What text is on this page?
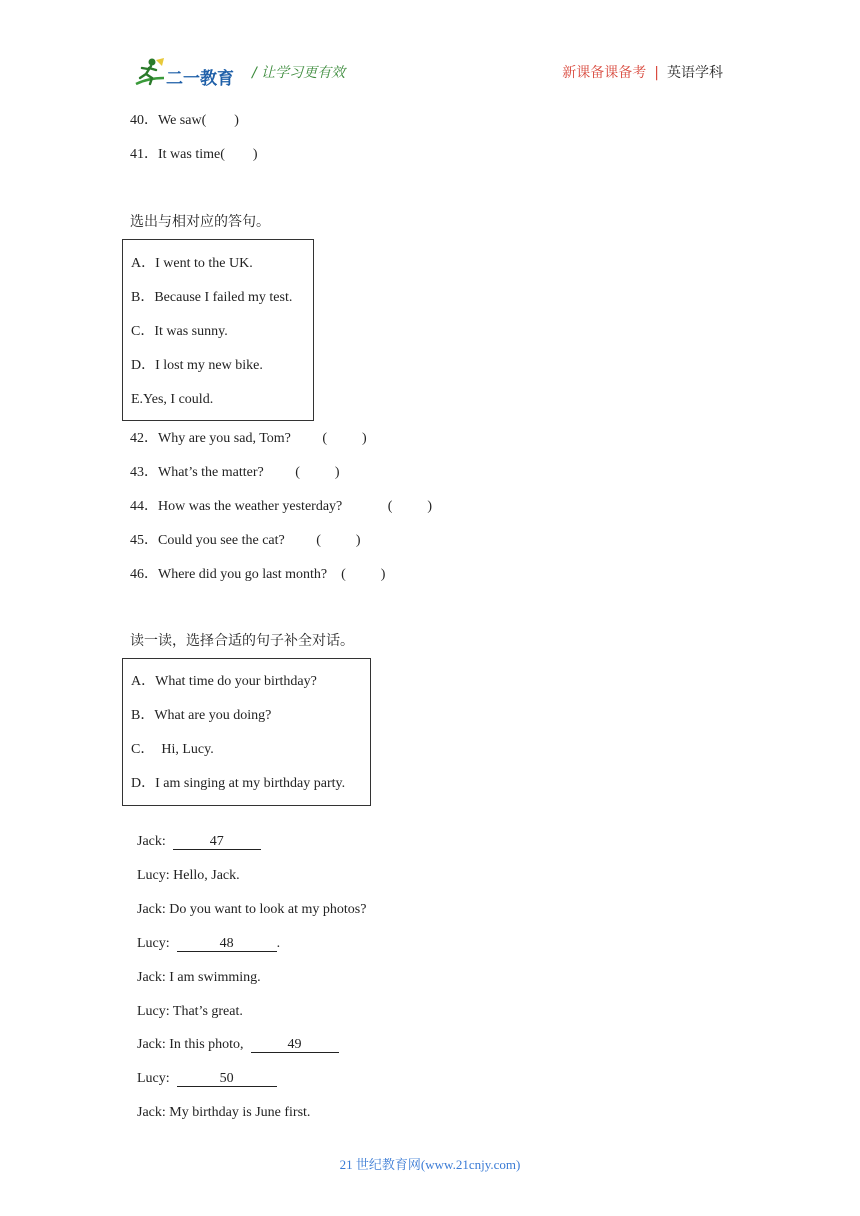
二一教育 / 让学习更有效	新课备课备考 | 英语学科
40．We saw(　　)
41．It was time(　　)
选出与相对应的答句。
A．I went to the UK.
B．Because I failed my test.
C．It was sunny.
D．I lost my new bike.
E.Yes, I could.
42．Why are you sad, Tom?         (          )
43．What’s the matter?         (          )
44．How was the weather yesterday?             (          )
45．Could you see the cat?         (          )
46．Where did you go last month?    (          )
读一读，选择合适的句子补全对话。
A．What time do your birthday?
B．What are you doing?
C．  Hi, Lucy.
D．I am singing at my birthday party.

Jack:	47

Lucy: Hello, Jack.

Jack: Do you want to look at my photos?

Lucy:	48	.

Jack: I am swimming.

Lucy: That’s great.

Jack: In this photo,	49

Lucy:	50

Jack: My birthday is June first.

21 世纪教育网(www.21cnjy.com)
